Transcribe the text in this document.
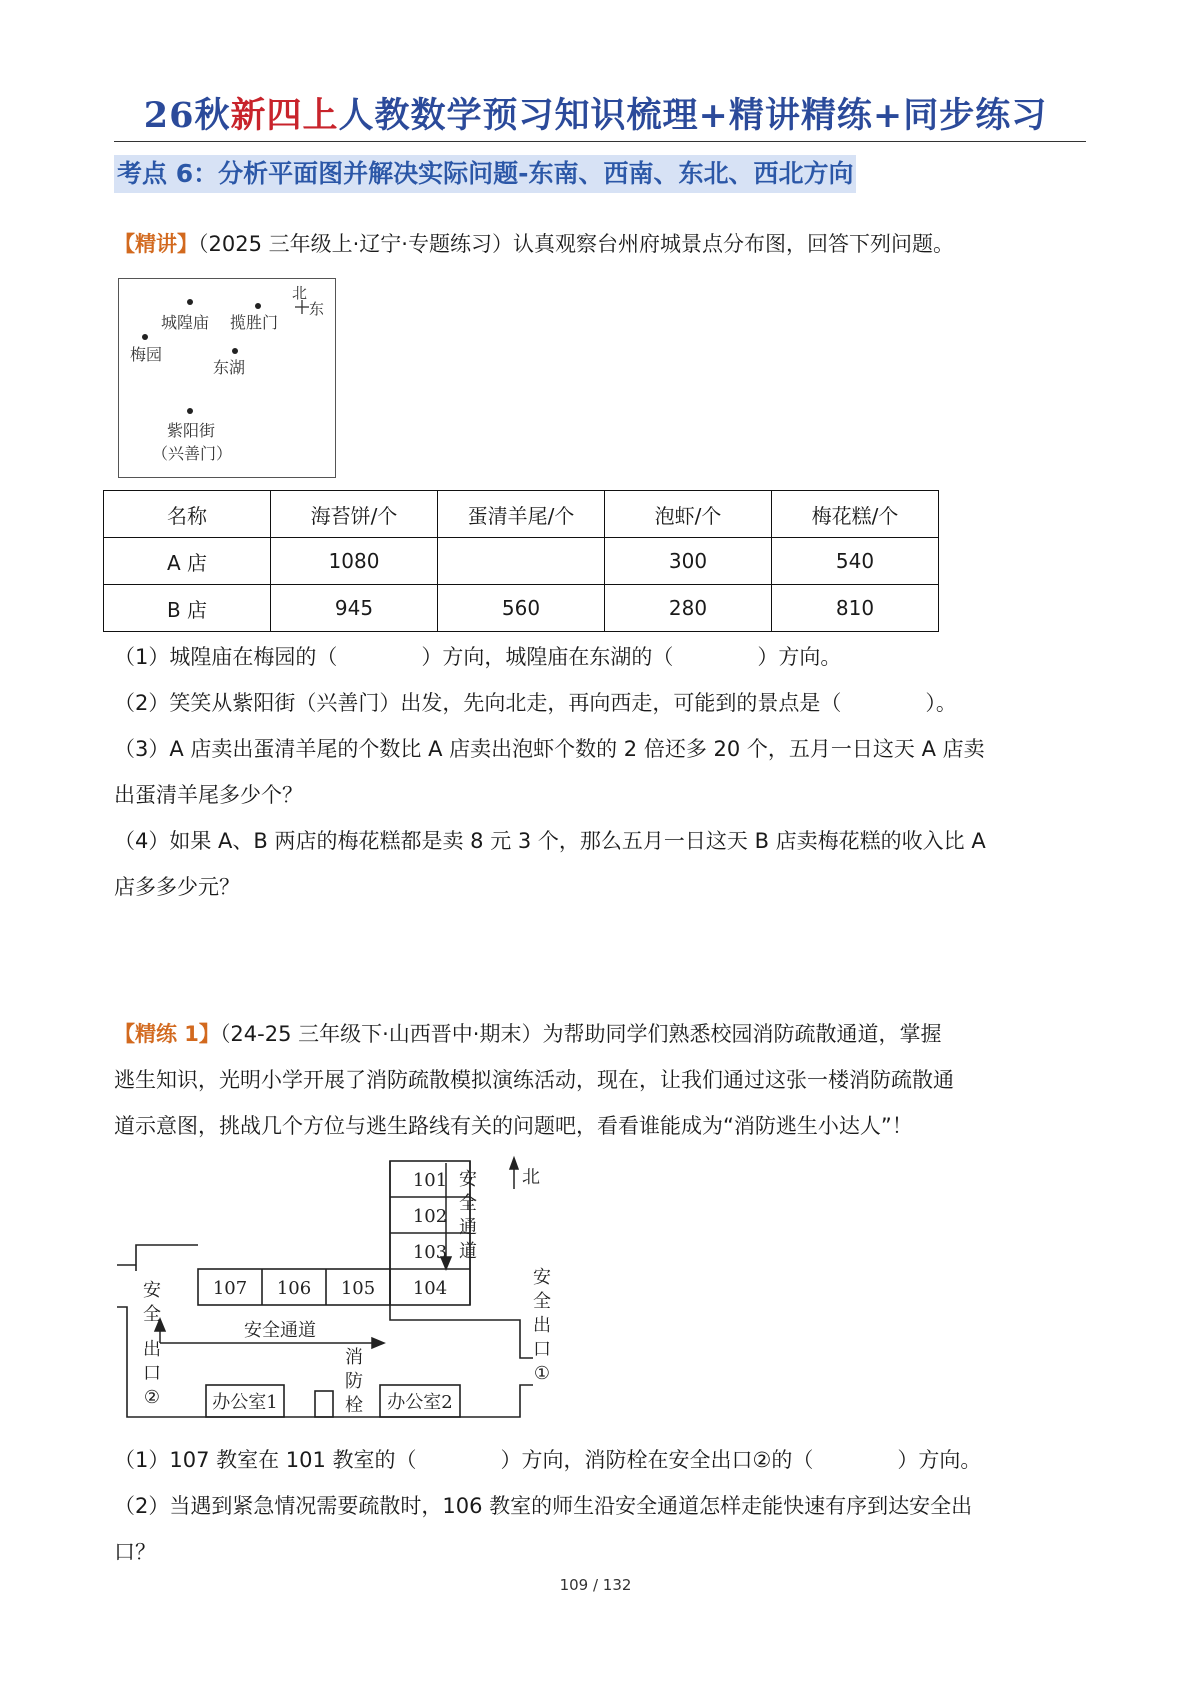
26秋新四上人教数学预习知识梳理+精讲精练+同步练习
考点 6：分析平面图并解决实际问题-东南、西南、东北、西北方向
【精讲】（2025 三年级上·辽宁·专题练习）认真观察台州府城景点分布图，回答下列问题。
城隍庙 揽胜门
梅园
东湖
紫阳街
（兴善门）
北
东
名称	海苔饼/个	蛋清羊尾/个	泡虾/个	梅花糕/个
A 店	1080		300	540
B 店	945	560	280	810
（1）城隍庙在梅园的（　　　　）方向，城隍庙在东湖的（　　　　）方向。
（2）笑笑从紫阳街（兴善门）出发，先向北走，再向西走，可能到的景点是（　　　　）。
（3）A 店卖出蛋清羊尾的个数比 A 店卖出泡虾个数的 2 倍还多 20 个，五月一日这天 A 店卖
出蛋清羊尾多少个？
（4）如果 A、B 两店的梅花糕都是卖 8 元 3 个，那么五月一日这天 B 店卖梅花糕的收入比 A
店多多少元？
【精练 1】（24-25 三年级下·山西晋中·期末）为帮助同学们熟悉校园消防疏散通道，掌握
逃生知识，光明小学开展了消防疏散模拟演练活动，现在，让我们通过这张一楼消防疏散通
道示意图，挑战几个方位与逃生路线有关的问题吧，看看谁能成为“消防逃生小达人”！
101
102
103
104
107 106 105
北
安
全
通
道
安全通道
安
全
出
口
①
安
全
出
口
②
消
防
栓
办公室1	办公室2
（1）107 教室在 101 教室的（　　　　）方向，消防栓在安全出口②的（　　　　）方向。
（2）当遇到紧急情况需要疏散时，106 教室的师生沿安全通道怎样走能快速有序到达安全出
口？
109 / 132
